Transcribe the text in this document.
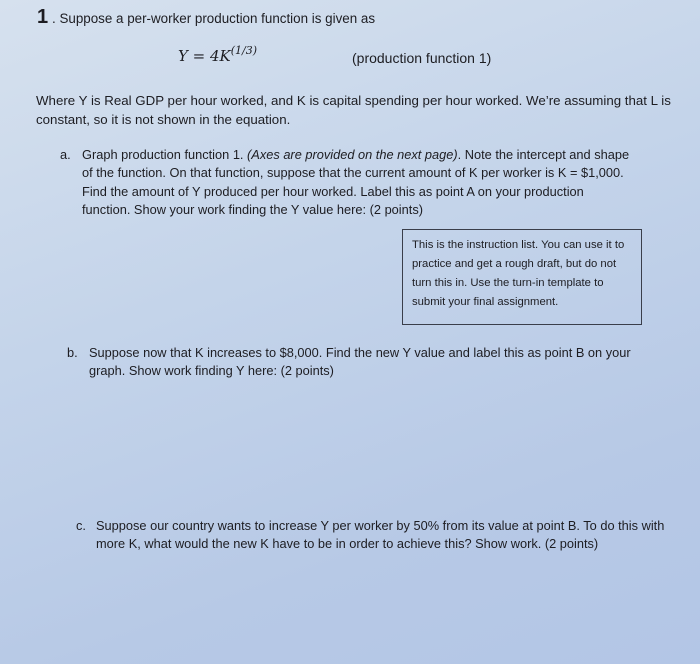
1 . Suppose a per-worker production function is given as
$Y = 4K^{(1/3)}$	(production function 1)
Where Y is Real GDP per hour worked, and K is capital spending per hour worked. We’re assuming that L is constant, so it is not shown in the equation.
a. Graph production function 1. (Axes are provided on the next page). Note the intercept and shape of the function. On that function, suppose that the current amount of K per worker is K = $1,000. Find the amount of Y produced per hour worked. Label this as point A on your production function. Show your work finding the Y value here: (2 points)
This is the instruction list. You can use it to practice and get a rough draft, but do not turn this in. Use the turn-in template to submit your final assignment.
b. Suppose now that K increases to $8,000. Find the new Y value and label this as point B on your graph. Show work finding Y here: (2 points)
c. Suppose our country wants to increase Y per worker by 50% from its value at point B. To do this with more K, what would the new K have to be in order to achieve this? Show work. (2 points)
